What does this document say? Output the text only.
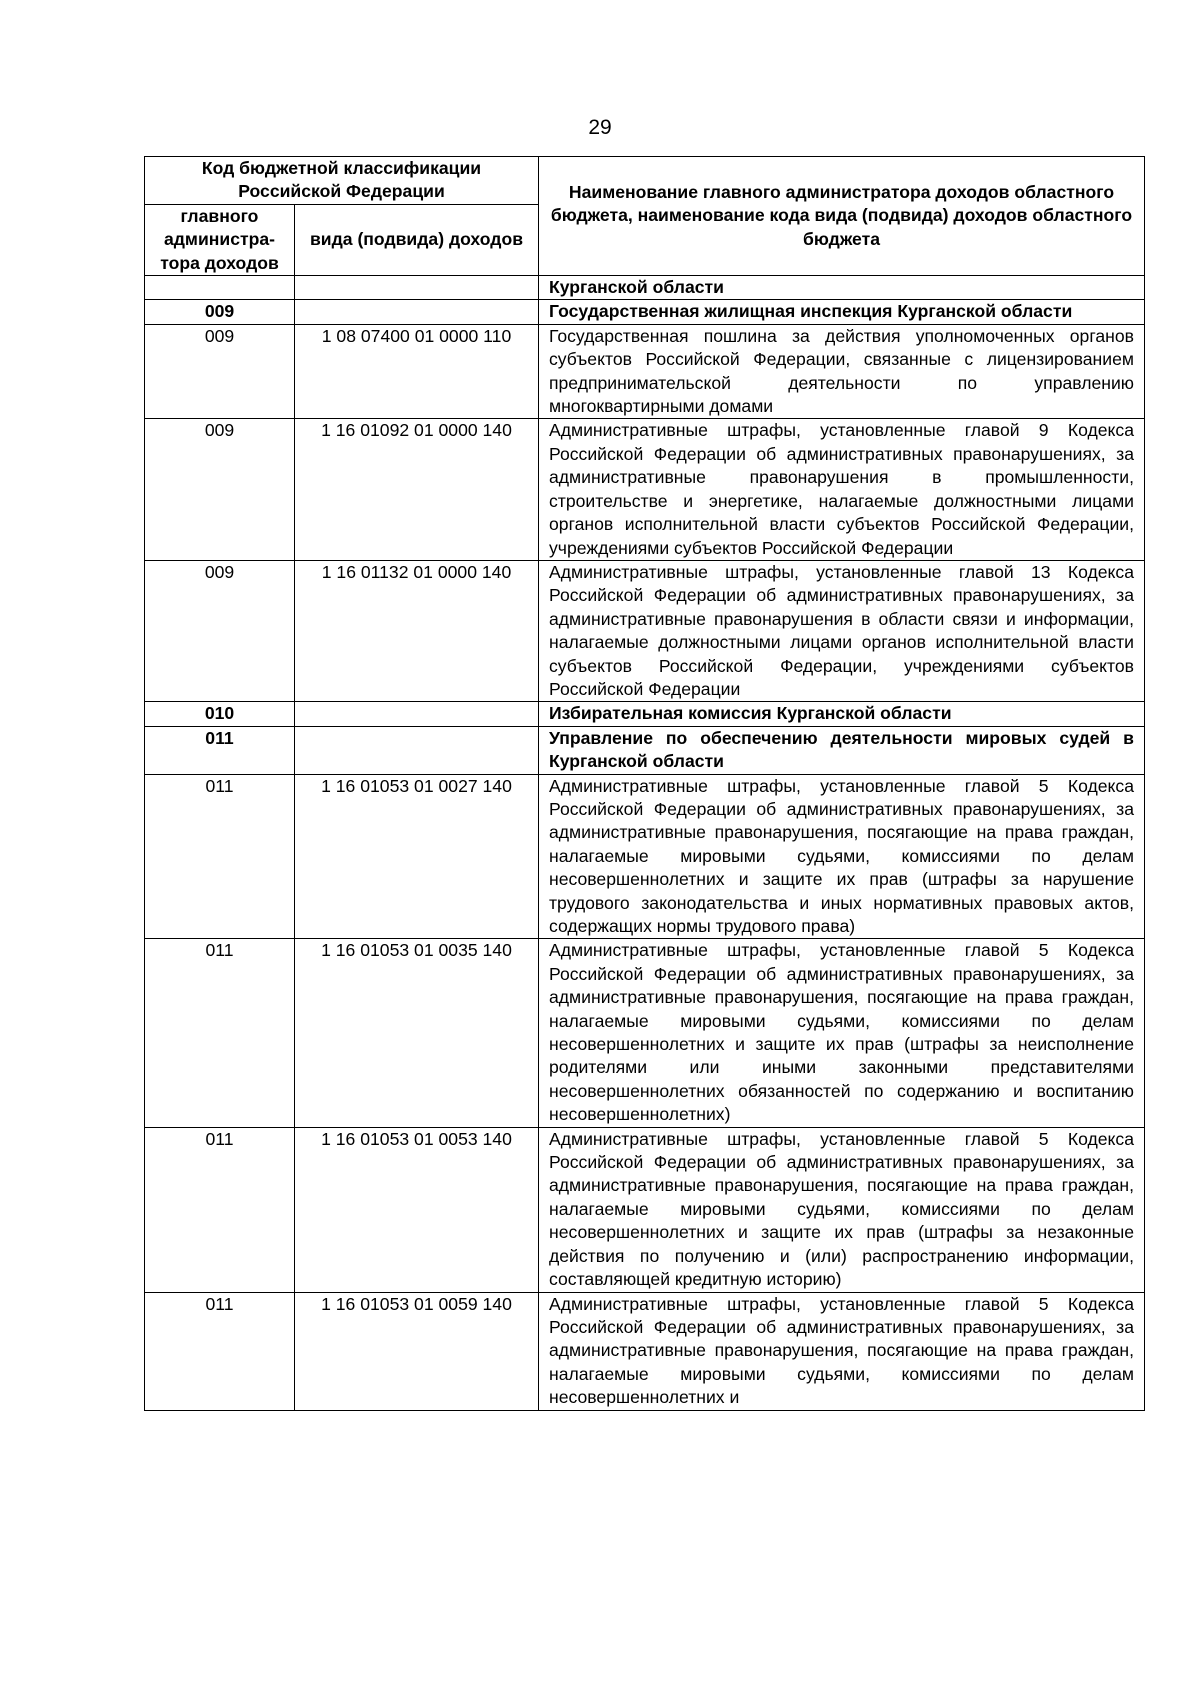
29
Код бюджетной классификации Российской Федерации		Наименование главного администратора доходов областного бюджета, наименование кода вида (подвида) доходов областного бюджета
главного администра-тора доходов	вида (подвида) доходов	
		Курганской области
009		Государственная жилищная инспекция Курганской области
009	1 08 07400 01 0000 110	Государственная пошлина за действия уполномоченных органов субъектов Российской Федерации, связанные с лицензированием предпринимательской деятельности по управлению многоквартирными домами
009	1 16 01092 01 0000 140	Административные штрафы, установленные главой 9 Кодекса Российской Федерации об административных правонарушениях, за административные правонарушения в промышленности, строительстве и энергетике, налагаемые должностными лицами органов исполнительной власти субъектов Российской Федерации, учреждениями субъектов Российской Федерации
009	1 16 01132 01 0000 140	Административные штрафы, установленные главой 13 Кодекса Российской Федерации об административных правонарушениях, за административные правонарушения в области связи и информации, налагаемые должностными лицами органов исполнительной власти субъектов Российской Федерации, учреждениями субъектов Российской Федерации
010		Избирательная комиссия Курганской области
011		Управление по обеспечению деятельности мировых судей в Курганской области
011	1 16 01053 01 0027 140	Административные штрафы, установленные главой 5 Кодекса Российской Федерации об административных правонарушениях, за административные правонарушения, посягающие на права граждан, налагаемые мировыми судьями, комиссиями по делам несовершеннолетних и защите их прав (штрафы за нарушение трудового законодательства и иных нормативных правовых актов, содержащих нормы трудового права)
011	1 16 01053 01 0035 140	Административные штрафы, установленные главой 5 Кодекса Российской Федерации об административных правонарушениях, за административные правонарушения, посягающие на права граждан, налагаемые мировыми судьями, комиссиями по делам несовершеннолетних и защите их прав (штрафы за неисполнение родителями или иными законными представителями несовершеннолетних обязанностей по содержанию и воспитанию несовершеннолетних)
011	1 16 01053 01 0053 140	Административные штрафы, установленные главой 5 Кодекса Российской Федерации об административных правонарушениях, за административные правонарушения, посягающие на права граждан, налагаемые мировыми судьями, комиссиями по делам несовершеннолетних и защите их прав (штрафы за незаконные действия по получению и (или) распространению информации, составляющей кредитную историю)
011	1 16 01053 01 0059 140	Административные штрафы, установленные главой 5 Кодекса Российской Федерации об административных правонарушениях, за административные правонарушения, посягающие на права граждан, налагаемые мировыми судьями, комиссиями по делам несовершеннолетних и
